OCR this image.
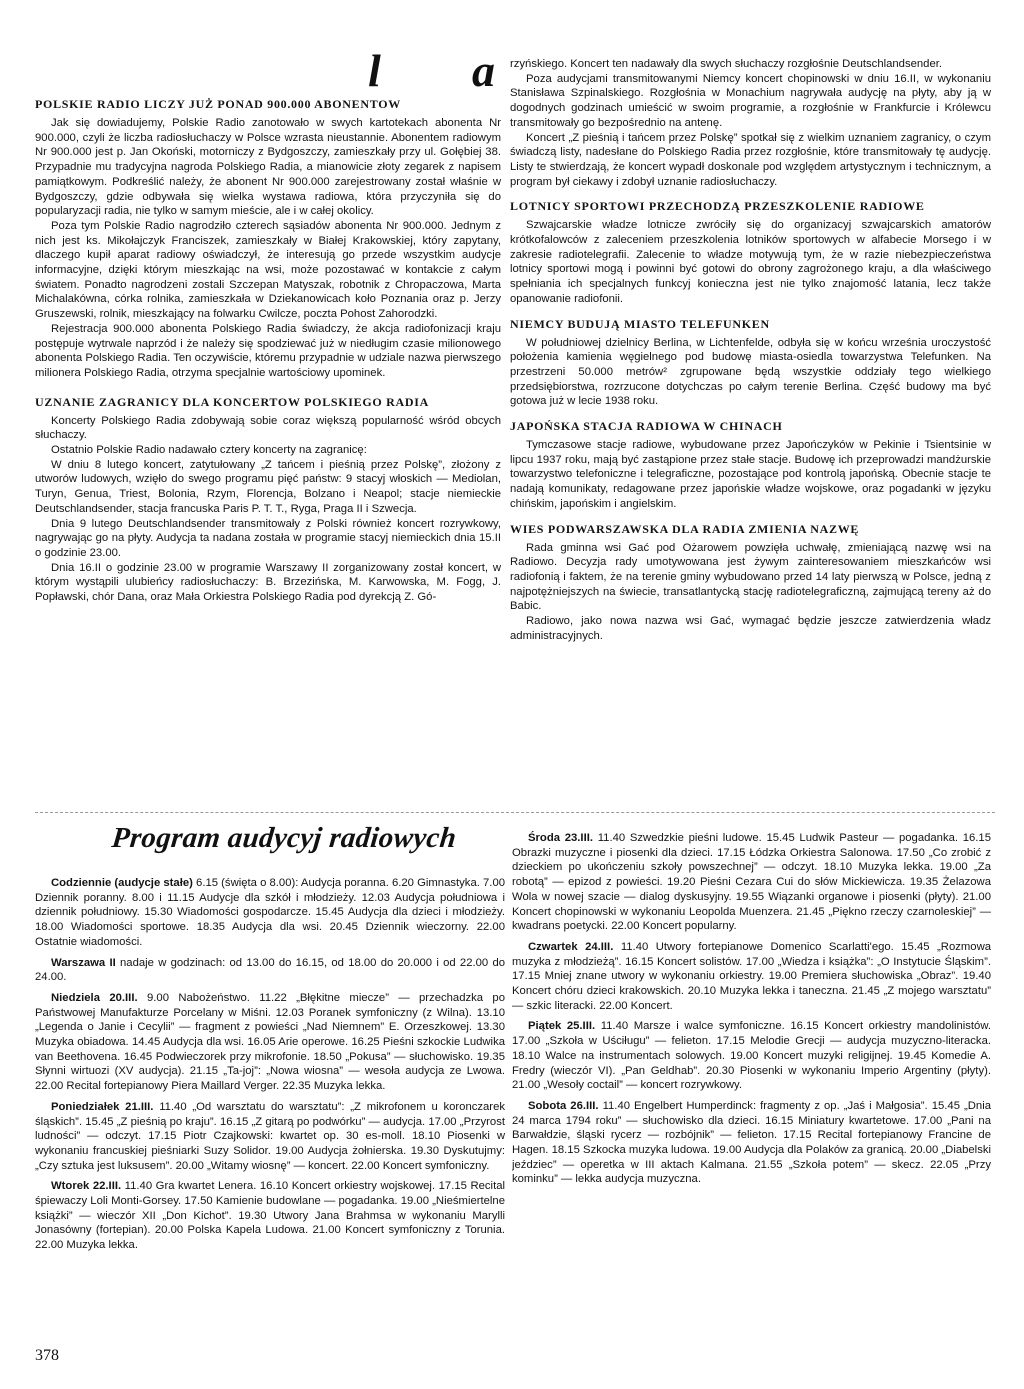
l a
POLSKIE RADIO LICZY JUŻ PONAD 900.000 ABONENTOW

Jak się dowiadujemy, Polskie Radio zanotowało w swych kartotekach abonenta Nr 900.000, czyli że liczba radiosłuchaczy w Polsce wzrasta nieustannie. Abonentem radiowym Nr 900.000 jest p. Jan Okoński, motorniczy z Bydgoszczy, zamieszkały przy ul. Gołębiej 38. Przypadnie mu tradycyjna nagroda Polskiego Radia, a mianowicie złoty zegarek z napisem pamiątkowym. Podkreślić należy, że abonent Nr 900.000 zarejestrowany został właśnie w Bydgoszczy, gdzie odbywała się wielka wystawa radiowa, która przyczyniła się do popularyzacji radia, nie tylko w samym mieście, ale i w całej okolicy.

Poza tym Polskie Radio nagrodziło czterech sąsiadów abonenta Nr 900.000. Jednym z nich jest ks. Mikołajczyk Franciszek, zamieszkały w Białej Krakowskiej, który zapytany, dlaczego kupił aparat radiowy oświadczył, że interesują go przede wszystkim audycje informacyjne, dzięki którym mieszkając na wsi, może pozostawać w kontakcie z całym światem. Ponadto nagrodzeni zostali Szczepan Matyszak, robotnik z Chropaczowa, Marta Michalakówna, córka rolnika, zamieszkała w Dziekanowicach koło Poznania oraz p. Jerzy Gruszewski, rolnik, mieszkający na folwarku Cwilcze, poczta Pohost Zahorodzki.

Rejestracja 900.000 abonenta Polskiego Radia świadczy, że akcja radiofonizacji kraju postępuje wytrwale naprzód i że należy się spodziewać już w niedługim czasie milionowego abonenta Polskiego Radia. Ten oczywiście, któremu przypadnie w udziale nazwa pierwszego milionera Polskiego Radia, otrzyma specjalnie wartościowy upominek.

UZNANIE ZAGRANICY DLA KONCERTOW POLSKIEGO RADIA

Koncerty Polskiego Radia zdobywają sobie coraz większą popularność wśród obcych słuchaczy.

Ostatnio Polskie Radio nadawało cztery koncerty na zagranicę:

W dniu 8 lutego koncert, zatytułowany „Z tańcem i pieśnią przez Polskę”, złożony z utworów ludowych, wzięło do swego programu pięć państw: 9 stacyj włoskich — Mediolan, Turyn, Genua, Triest, Bolonia, Rzym, Florencja, Bolzano i Neapol; stacje niemieckie Deutschlandsender, stacja francuska Paris P. T. T., Ryga, Praga II i Szwecja.

Dnia 9 lutego Deutschlandsender transmitowały z Polski również koncert rozrywkowy, nagrywając go na płyty. Audycja ta nadana została w programie stacyj niemieckich dnia 15.II o godzinie 23.00.

Dnia 16.II o godzinie 23.00 w programie Warszawy II zorganizowany został koncert, w którym wystąpili ulubieńcy radiosłuchaczy: B. Brzezińska, M. Karwowska, M. Fogg, J. Popławski, chór Dana, oraz Mała Orkiestra Polskiego Radia pod dyrekcją Z. Gó-

rzyńskiego. Koncert ten nadawały dla swych słuchaczy rozgłośnie Deutschlandsender.

Poza audycjami transmitowanymi Niemcy koncert chopinowski w dniu 16.II, w wykonaniu Stanisława Szpinalskiego. Rozgłośnia w Monachium nagrywała audycję na płyty, aby ją w dogodnych godzinach umieścić w swoim programie, a rozgłośnie w Frankfurcie i Królewcu transmitowały go bezpośrednio na antenę.

Koncert „Z pieśnią i tańcem przez Polskę” spotkał się z wielkim uznaniem zagranicy, o czym świadczą listy, nadesłane do Polskiego Radia przez rozgłośnie, które transmitowały tę audycję. Listy te stwierdzają, że koncert wypadł doskonale pod względem artystycznym i technicznym, a program był ciekawy i zdobył uznanie radiosłuchaczy.

LOTNICY SPORTOWI PRZECHODZĄ PRZESZKOLENIE RADIOWE

Szwajcarskie władze lotnicze zwróciły się do organizacyj szwajcarskich amatorów krótkofalowców z zaleceniem przeszkolenia lotników sportowych w alfabecie Morsego i w zakresie radiotelegrafii. Zalecenie to władze motywują tym, że w razie niebezpieczeństwa lotnicy sportowi mogą i powinni być gotowi do obrony zagrożonego kraju, a dla właściwego spełniania ich specjalnych funkcyj konieczna jest nie tylko znajomość latania, lecz także opanowanie radiofonii.

NIEMCY BUDUJĄ MIASTO TELEFUNKEN

W południowej dzielnicy Berlina, w Lichtenfelde, odbyła się w końcu września uroczystość położenia kamienia węgielnego pod budowę miasta-osiedla towarzystwa Telefunken. Na przestrzeni 50.000 metrów² zgrupowane będą wszystkie oddziały tego wielkiego przedsiębiorstwa, rozrzucone dotychczas po całym terenie Berlina. Część budowy ma być gotowa już w lecie 1938 roku.

JAPOŃSKA STACJA RADIOWA W CHINACH

Tymczasowe stacje radiowe, wybudowane przez Japończyków w Pekinie i Tsientsinie w lipcu 1937 roku, mają być zastąpione przez stałe stacje. Budowę ich przeprowadzi mandżurskie towarzystwo telefoniczne i telegraficzne, pozostające pod kontrolą japońską. Obecnie stacje te nadają komunikaty, redagowane przez japońskie władze wojskowe, oraz pogadanki w języku chińskim, japońskim i angielskim.

WIES PODWARSZAWSKA DLA RADIA ZMIENIA NAZWĘ

Rada gminna wsi Gać pod Ożarowem powzięła uchwałę, zmieniającą nazwę wsi na Radiowo. Decyzja rady umotywowana jest żywym zainteresowaniem mieszkańców wsi radiofonią i faktem, że na terenie gminy wybudowano przed 14 laty pierwszą w Polsce, jedną z najpotężniejszych na świecie, transatlantycką stację radiotelegraficzną, zajmującą tereny aż do Babic.

Radiowo, jako nowa nazwa wsi Gać, wymagać będzie jeszcze zatwierdzenia władz administracyjnych.

Program audycyj radiowych

Codziennie (audycje stałe) 6.15 (święta o 8.00): Audycja poranna. 6.20 Gimnastyka. 7.00 Dziennik poranny. 8.00 i 11.15 Audycje dla szkół i młodzieży. 12.03 Audycja południowa i dziennik południowy. 15.30 Wiadomości gospodarcze. 15.45 Audycja dla dzieci i młodzieży. 18.00 Wiadomości sportowe. 18.35 Audycja dla wsi. 20.45 Dziennik wieczorny. 22.00 Ostatnie wiadomości.

Warszawa II nadaje w godzinach: od 13.00 do 16.15, od 18.00 do 20.000 i od 22.00 do 24.00.

Niedziela 20.III. 9.00 Nabożeństwo. 11.22 „Błękitne miecze” — przechadzka po Państwowej Manufakturze Porcelany w Miśni. 12.03 Poranek symfoniczny (z Wilna). 13.10 „Legenda o Janie i Cecylii” — fragment z powieści „Nad Niemnem” E. Orzeszkowej. 13.30 Muzyka obiadowa. 14.45 Audycja dla wsi. 16.05 Arie operowe. 16.25 Pieśni szkockie Ludwika van Beethovena. 16.45 Podwieczorek przy mikrofonie. 18.50 „Pokusa” — słuchowisko. 19.35 Słynni wirtuozi (XV audycja). 21.15 „Ta-joj”: „Nowa wiosna” — wesoła audycja ze Lwowa. 22.00 Recital fortepianowy Piera Maillard Verger. 22.35 Muzyka lekka.

Poniedziałek 21.III. 11.40 „Od warsztatu do warsztatu”: „Z mikrofonem u koronczarek śląskich”. 15.45 „Z pieśnią po kraju”. 16.15 „Z gitarą po podwórku” — audycja. 17.00 „Przyrost ludności” — odczyt. 17.15 Piotr Czajkowski: kwartet op. 30 es-moll. 18.10 Piosenki w wykonaniu francuskiej pieśniarki Suzy Solidor. 19.00 Audycja żołnierska. 19.30 Dyskutujmy: „Czy sztuka jest luksusem”. 20.00 „Witamy wiosnę” — koncert. 22.00 Koncert symfoniczny.

Wtorek 22.III. 11.40 Gra kwartet Lenera. 16.10 Koncert orkiestry wojskowej. 17.15 Recital śpiewaczy Loli Monti-Gorsey. 17.50 Kamienie budowlane — pogadanka. 19.00 „Nieśmiertelne książki” — wieczór XII „Don Kichot”. 19.30 Utwory Jana Brahmsa w wykonaniu Marylli Jonasówny (fortepian). 20.00 Polska Kapela Ludowa. 21.00 Koncert symfoniczny z Torunia. 22.00 Muzyka lekka.

Środa 23.III. 11.40 Szwedzkie pieśni ludowe. 15.45 Ludwik Pasteur — pogadanka. 16.15 Obrazki muzyczne i piosenki dla dzieci. 17.15 Łódzka Orkiestra Salonowa. 17.50 „Co zrobić z dzieckiem po ukończeniu szkoły powszechnej” — odczyt. 18.10 Muzyka lekka. 19.00 „Za robotą” — epizod z powieści. 19.20 Pieśni Cezara Cui do słów Mickiewicza. 19.35 Żelazowa Wola w nowej szacie — dialog dyskusyjny. 19.55 Wiązanki organowe i piosenki (płyty). 21.00 Koncert chopinowski w wykonaniu Leopolda Muenzera. 21.45 „Piękno rzeczy czarnoleskiej” — kwadrans poetycki. 22.00 Koncert popularny.

Czwartek 24.III. 11.40 Utwory fortepianowe Domenico Scarlatti'ego. 15.45 „Rozmowa muzyka z młodzieżą”. 16.15 Koncert solistów. 17.00 „Wiedza i książka”: „O Instytucie Śląskim”. 17.15 Mniej znane utwory w wykonaniu orkiestry. 19.00 Premiera słuchowiska „Obraz”. 19.40 Koncert chóru dzieci krakowskich. 20.10 Muzyka lekka i taneczna. 21.45 „Z mojego warsztatu” — szkic literacki. 22.00 Koncert.

Piątek 25.III. 11.40 Marsze i walce symfoniczne. 16.15 Koncert orkiestry mandolinistów. 17.00 „Szkoła w Uściługu” — felieton. 17.15 Melodie Grecji — audycja muzyczno-literacka. 18.10 Walce na instrumentach solowych. 19.00 Koncert muzyki religijnej. 19.45 Komedie A. Fredry (wieczór VI). „Pan Geldhab”. 20.30 Piosenki w wykonaniu Imperio Argentiny (płyty). 21.00 „Wesoły coctail” — koncert rozrywkowy.

Sobota 26.III. 11.40 Engelbert Humperdinck: fragmenty z op. „Jaś i Małgosia”. 15.45 „Dnia 24 marca 1794 roku” — słuchowisko dla dzieci. 16.15 Miniatury kwartetowe. 17.00 „Pani na Barwałdzie, śląski rycerz — rozbójnik” — felieton. 17.15 Recital fortepianowy Francine de Hagen. 18.15 Szkocka muzyka ludowa. 19.00 Audycja dla Polaków za granicą. 20.00 „Diabelski jeździec” — operetka w III aktach Kalmana. 21.55 „Szkoła potem” — skecz. 22.05 „Przy kominku” — lekka audycja muzyczna.

378
